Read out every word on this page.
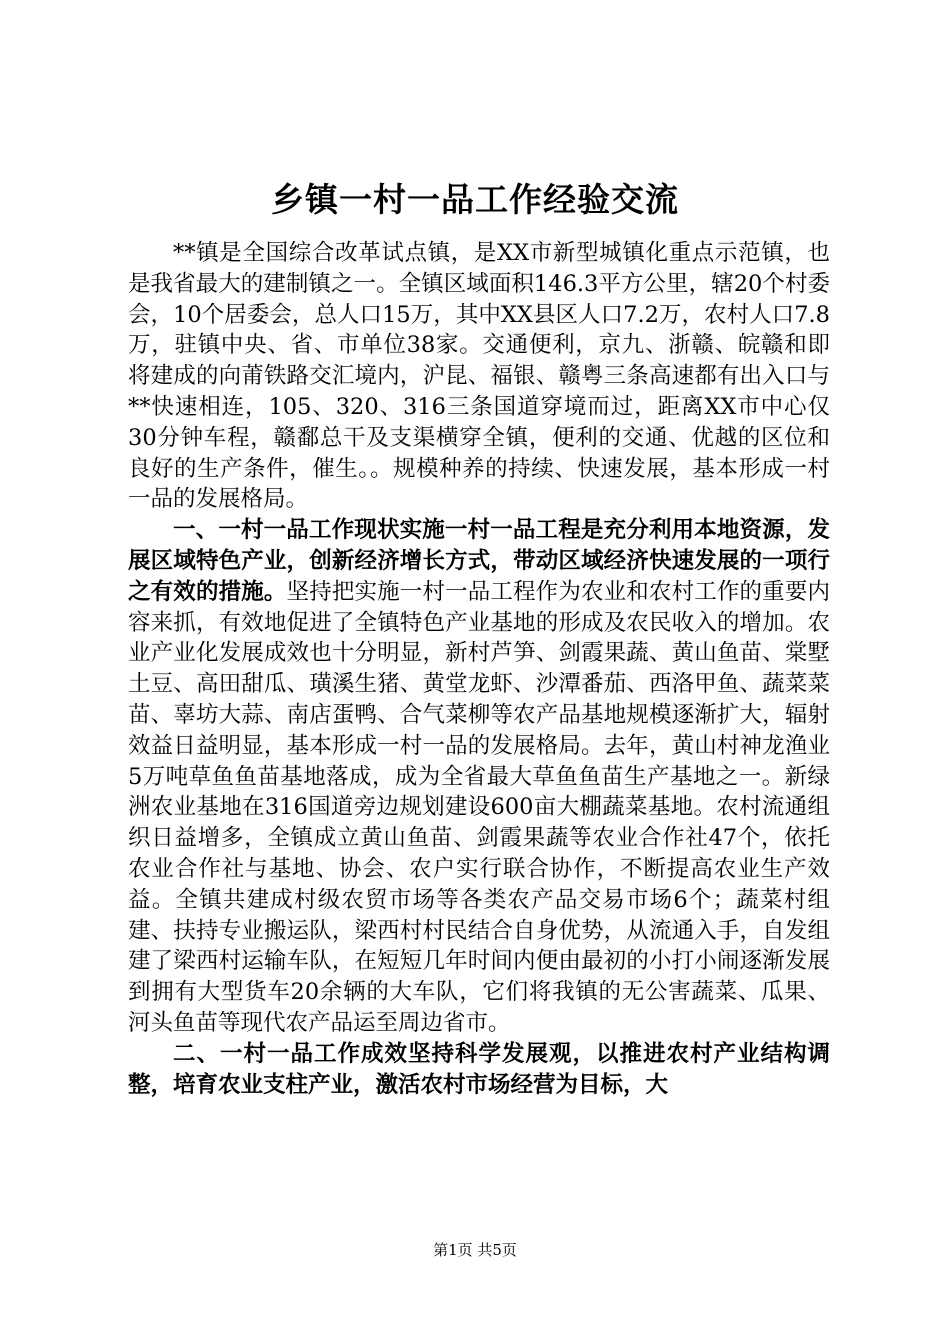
乡镇一村一品工作经验交流

**镇是全国综合改革试点镇，是XX市新型城镇化重点示范镇，也是我省最大的建制镇之一。全镇区域面积146.3平方公里，辖20个村委会，10个居委会，总人口15万，其中XX县区人口7.2万，农村人口7.8万，驻镇中央、省、市单位38家。交通便利，京九、浙赣、皖赣和即将建成的向莆铁路交汇境内，沪昆、福银、赣粤三条高速都有出入口与**快速相连，105、320、316三条国道穿境而过，距离XX市中心仅30分钟车程，赣鄱总干及支渠横穿全镇，便利的交通、优越的区位和良好的生产条件，催生。。规模种养的持续、快速发展，基本形成一村一品的发展格局。

一、一村一品工作现状实施一村一品工程是充分利用本地资源，发展区域特色产业，创新经济增长方式，带动区域经济快速发展的一项行之有效的措施。坚持把实施一村一品工程作为农业和农村工作的重要内容来抓，有效地促进了全镇特色产业基地的形成及农民收入的增加。农业产业化发展成效也十分明显，新村芦笋、剑霞果蔬、黄山鱼苗、棠墅土豆、高田甜瓜、璜溪生猪、黄堂龙虾、沙潭番茄、西洛甲鱼、蔬菜菜苗、辜坊大蒜、南店蛋鸭、合气菜柳等农产品基地规模逐渐扩大，辐射效益日益明显，基本形成一村一品的发展格局。去年，黄山村神龙渔业5万吨草鱼鱼苗基地落成，成为全省最大草鱼鱼苗生产基地之一。新绿洲农业基地在316国道旁边规划建设600亩大棚蔬菜基地。农村流通组织日益增多，全镇成立黄山鱼苗、剑霞果蔬等农业合作社47个，依托农业合作社与基地、协会、农户实行联合协作，不断提高农业生产效益。全镇共建成村级农贸市场等各类农产品交易市场6个；蔬菜村组建、扶持专业搬运队，梁西村村民结合自身优势，从流通入手，自发组建了梁西村运输车队，在短短几年时间内便由最初的小打小闹逐渐发展到拥有大型货车20余辆的大车队，它们将我镇的无公害蔬菜、瓜果、河头鱼苗等现代农产品运至周边省市。

二、一村一品工作成效坚持科学发展观，以推进农村产业结构调整，培育农业支柱产业，激活农村市场经营为目标，大

第1页 共5页
